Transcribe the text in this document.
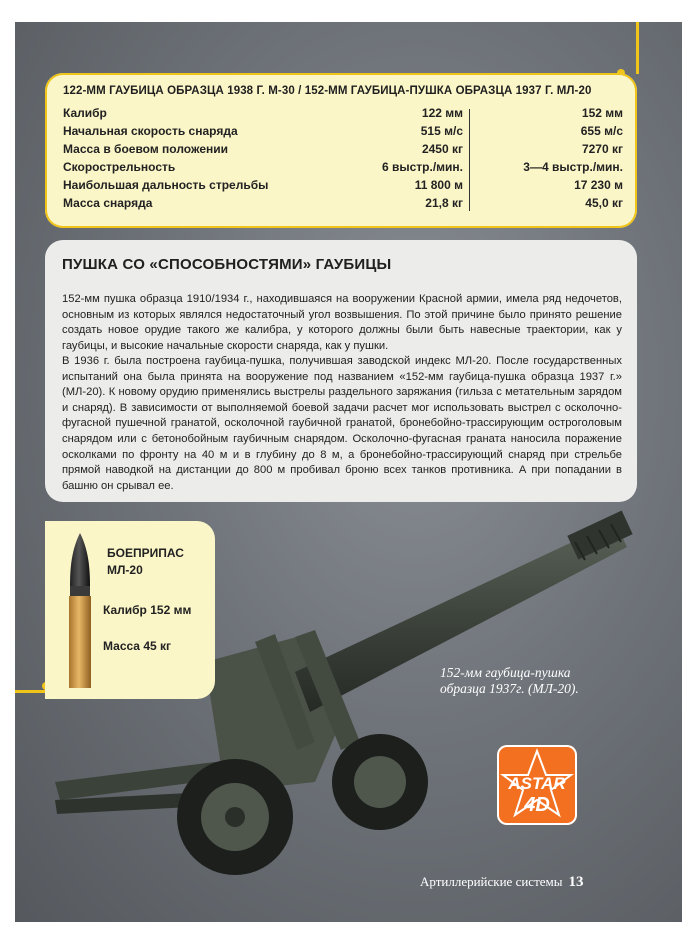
122-ММ ГАУБИЦА ОБРАЗЦА 1938 Г. М-30 / 152-ММ ГАУБИЦА-ПУШКА ОБРАЗЦА 1937 Г. МЛ-20
Калибр	122 мм	152 мм
Начальная скорость снаряда	515 м/с	655 м/с
Масса в боевом положении	2450 кг	7270 кг
Скорострельность	6 выстр./мин.	3—4 выстр./мин.
Наибольшая дальность стрельбы	11 800 м	17 230 м
Масса снаряда	21,8 кг	45,0 кг
ПУШКА СО «СПОСОБНОСТЯМИ» ГАУБИЦЫ

152-мм пушка образца 1910/1934 г., находившаяся на вооружении Красной армии, имела ряд недочетов, основным из которых являлся недостаточный угол возвышения. По этой причине было принято решение создать новое орудие такого же калибра, у которого должны были быть навесные траектории, как у гаубицы, и высокие начальные скорости снаряда, как у пушки.

В 1936 г. была построена гаубица-пушка, получившая заводской индекс МЛ-20. После государственных испытаний она была принята на вооружение под названием «152-мм гаубица-пушка образца 1937 г.» (МЛ-20). К новому орудию применялись выстрелы раздельного заряжания (гильза с метательным зарядом и снаряд). В зависимости от выполняемой боевой задачи расчет мог использовать выстрел с осколочно-фугасной пушечной гранатой, осколочной гаубичной гранатой, бронебойно-трассирующим остроголовым снарядом или с бетонобойным гаубичным снарядом. Осколочно-фугасная граната наносила поражение осколками по фронту на 40 м и в глубину до 8 м, а бронебойно-трассирующий снаряд при стрельбе прямой наводкой на дистанции до 800 м пробивал броню всех танков противника. А при попадании в башню он срывал ее.

БОЕПРИПАС
МЛ-20
Калибр 152 мм
Масса 45 кг
152-мм гаубица-пушка
образца 1937г. (МЛ-20).
ASTAR
4D
Артиллерийские системы 13
